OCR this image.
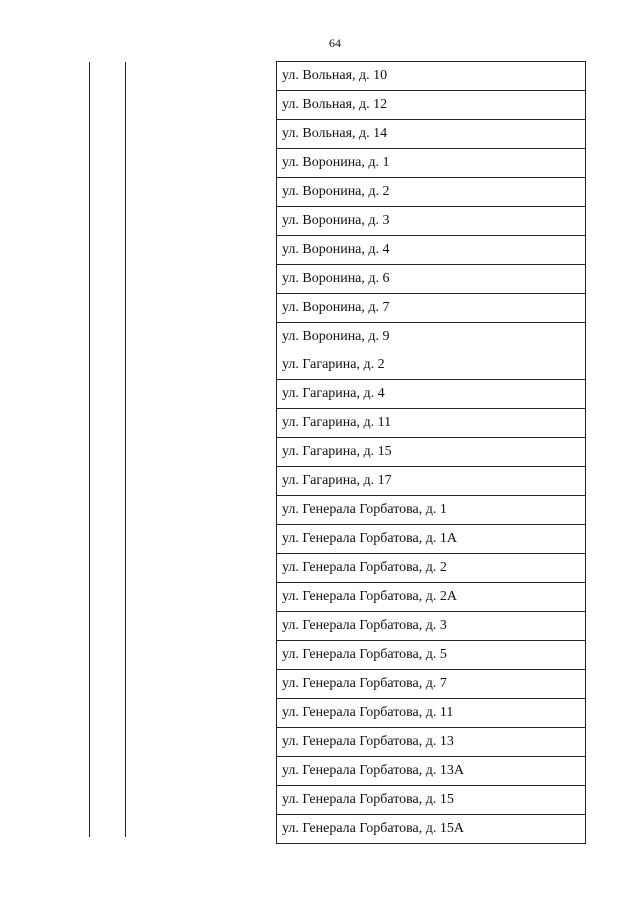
64
ул. Вольная, д. 10
ул. Вольная, д. 12
ул. Вольная, д. 14
ул. Воронина, д. 1
ул. Воронина, д. 2
ул. Воронина, д. 3
ул. Воронина, д. 4
ул. Воронина, д. 6
ул. Воронина, д. 7
ул. Воронина, д. 9
ул. Гагарина, д. 2
ул. Гагарина, д. 4
ул. Гагарина, д. 11
ул. Гагарина, д. 15
ул. Гагарина, д. 17
ул. Генерала Горбатова, д. 1
ул. Генерала Горбатова, д. 1А
ул. Генерала Горбатова, д. 2
ул. Генерала Горбатова, д. 2А
ул. Генерала Горбатова, д. 3
ул. Генерала Горбатова, д. 5
ул. Генерала Горбатова, д. 7
ул. Генерала Горбатова, д. 11
ул. Генерала Горбатова, д. 13
ул. Генерала Горбатова, д. 13А
ул. Генерала Горбатова, д. 15
ул. Генерала Горбатова, д. 15А
